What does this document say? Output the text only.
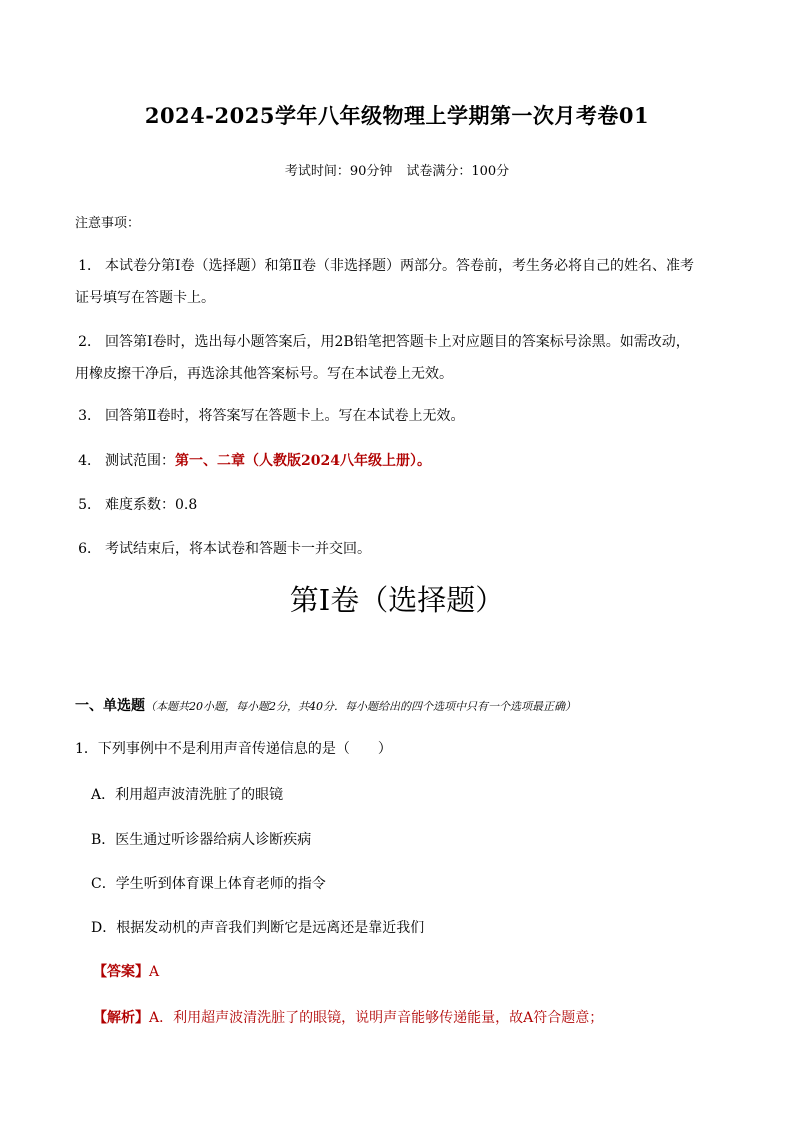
2024-2025学年八年级物理上学期第一次月考卷01
考试时间：90分钟 试卷满分：100分
注意事项：
1． 本试卷分第Ⅰ卷（选择题）和第Ⅱ卷（非选择题）两部分。答卷前，考生务必将自己的姓名、准考
证号填写在答题卡上。
2． 回答第Ⅰ卷时，选出每小题答案后，用2B铅笔把答题卡上对应题目的答案标号涂黑。如需改动，
用橡皮擦干净后，再选涂其他答案标号。写在本试卷上无效。
3． 回答第Ⅱ卷时，将答案写在答题卡上。写在本试卷上无效。
4． 测试范围：第一、二章（人教版2024八年级上册）。
5． 难度系数：0.8
6． 考试结束后，将本试卷和答题卡一并交回。
第Ⅰ卷（选择题）
一、单选题（本题共20小题，每小题2分，共40分．每小题给出的四个选项中只有一个选项最正确）
1．下列事例中不是利用声音传递信息的是（　　）
A．利用超声波清洗脏了的眼镜
B．医生通过听诊器给病人诊断疾病
C．学生听到体育课上体育老师的指令
D．根据发动机的声音我们判断它是远离还是靠近我们
【答案】A
【解析】A．利用超声波清洗脏了的眼镜，说明声音能够传递能量，故A符合题意；
